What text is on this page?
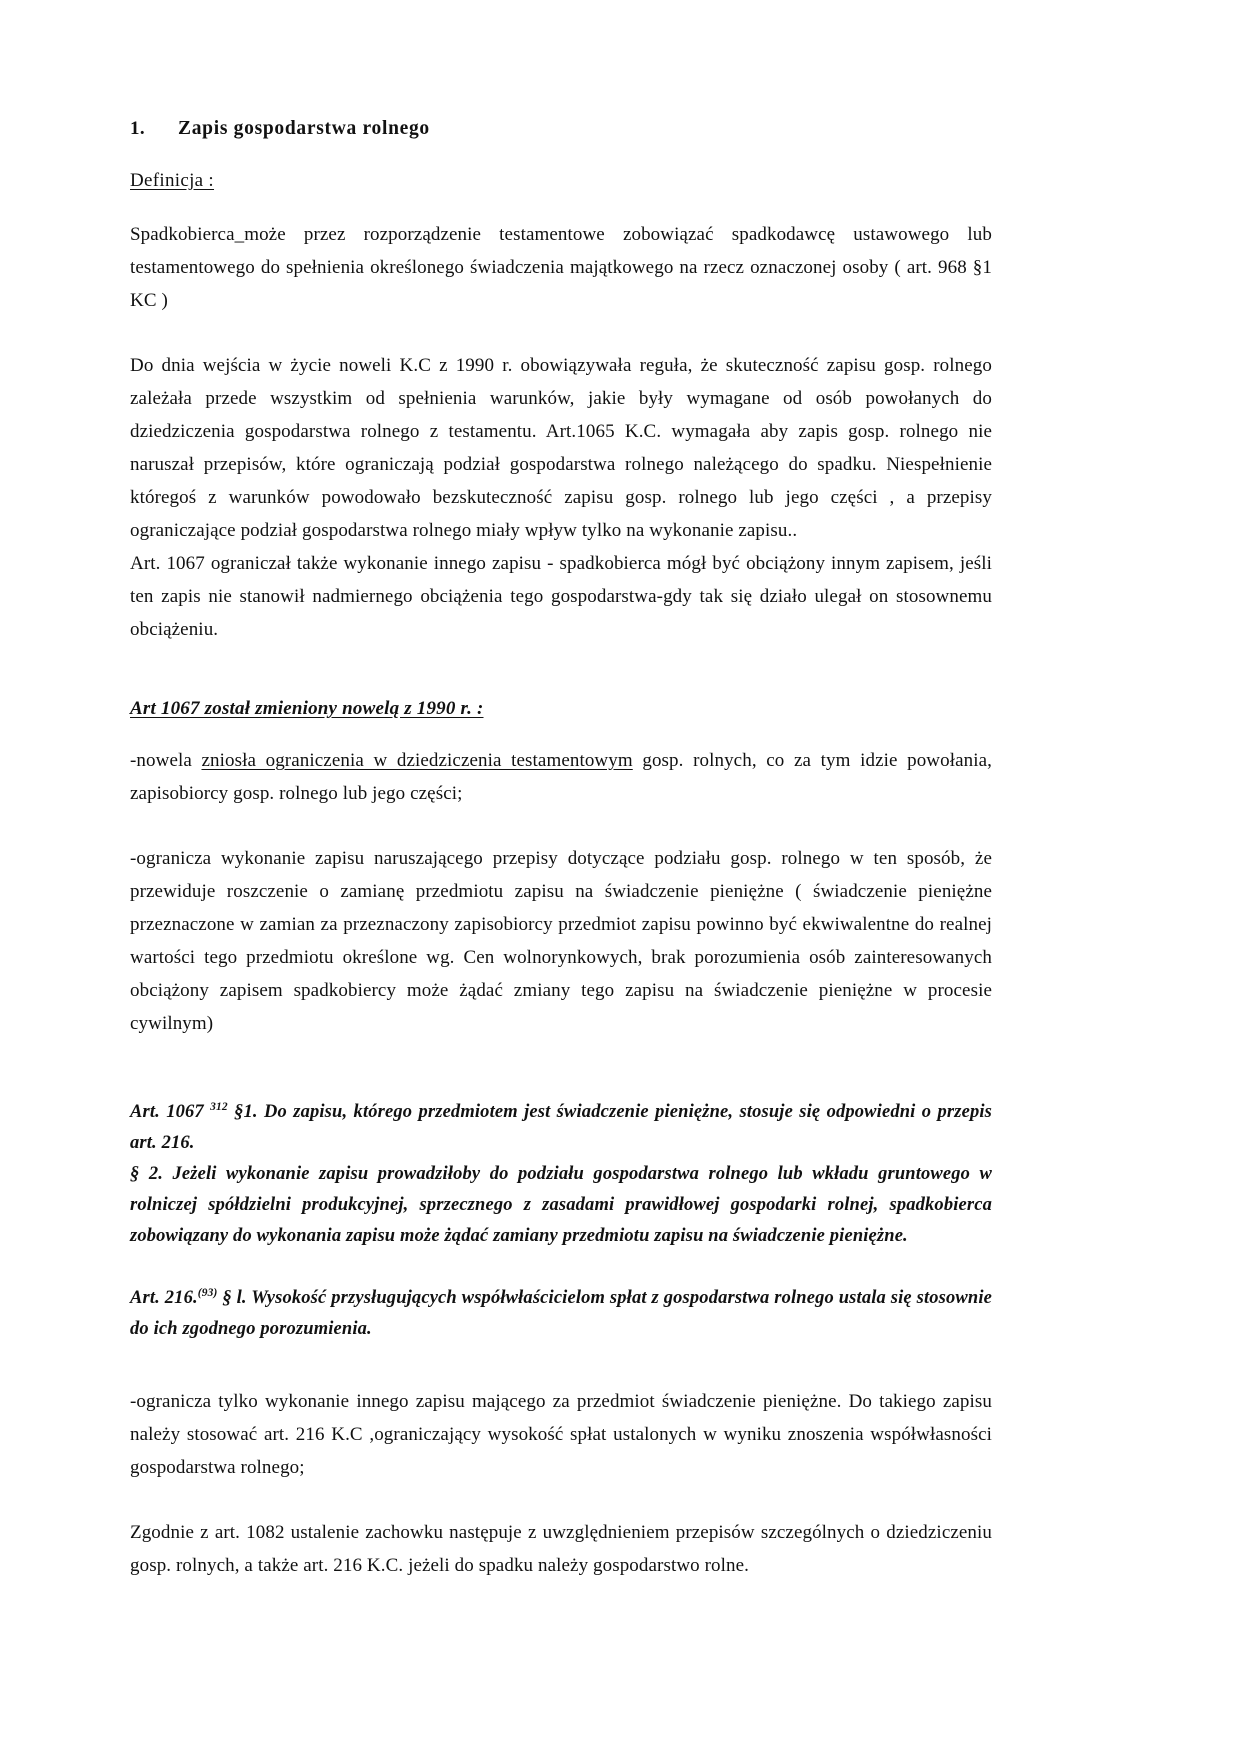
1.	Zapis gospodarstwa rolnego
Definicja :

Spadkobierca_może przez rozporządzenie testamentowe zobowiązać spadkodawcę ustawowego lub testamentowego do spełnienia określonego świadczenia majątkowego na rzecz oznaczonej osoby ( art. 968 §1 KC )

Do dnia wejścia w życie noweli K.C z 1990 r. obowiązywała reguła, że skuteczność zapisu gosp. rolnego zależała przede wszystkim od spełnienia warunków, jakie były wymagane od osób powołanych do dziedziczenia gospodarstwa rolnego z testamentu. Art.1065 K.C. wymagała aby zapis gosp. rolnego nie naruszał przepisów, które ograniczają podział gospodarstwa rolnego należącego do spadku. Niespełnienie któregoś z warunków powodowało bezskuteczność zapisu gosp. rolnego lub jego części , a przepisy ograniczające podział gospodarstwa rolnego miały wpływ tylko na wykonanie zapisu..

Art. 1067 ograniczał także wykonanie innego zapisu - spadkobierca mógł być obciążony innym zapisem, jeśli ten zapis nie stanowił nadmiernego obciążenia tego gospodarstwa-gdy tak się działo ulegał on stosownemu obciążeniu.

Art 1067 został zmieniony nowelą z 1990 r. :

-nowela zniosła ograniczenia w dziedziczenia testamentowym gosp. rolnych, co za tym idzie powołania, zapisobiorcy gosp. rolnego lub jego części;

-ogranicza wykonanie zapisu naruszającego przepisy dotyczące podziału gosp. rolnego w ten sposób, że przewiduje roszczenie o zamianę przedmiotu zapisu na świadczenie pieniężne ( świadczenie pieniężne przeznaczone w zamian za przeznaczony zapisobiorcy przedmiot zapisu powinno być ekwiwalentne do realnej wartości tego przedmiotu określone wg. Cen wolnorynkowych, brak porozumienia osób zainteresowanych obciążony zapisem spadkobiercy może żądać zmiany tego zapisu na świadczenie pieniężne w procesie cywilnym)

Art. 1067 $^{312}$ §1. Do zapisu, którego przedmiotem jest świadczenie pieniężne, stosuje się odpowiedni o przepis art. 216.

§ 2. Jeżeli wykonanie zapisu prowadziłoby do podziału gospodarstwa rolnego lub wkładu gruntowego w rolniczej spółdzielni produkcyjnej, sprzecznego z zasadami prawidłowej gospodarki rolnej, spadkobierca zobowiązany do wykonania zapisu może żądać zamiany przedmiotu zapisu na świadczenie pieniężne.

Art. 216.$^{(93)}$ § l. Wysokość przysługujących współwłaścicielom spłat z gospodarstwa rolnego ustala się stosownie do ich zgodnego porozumienia.

-ogranicza tylko wykonanie innego zapisu mającego za przedmiot świadczenie pieniężne. Do takiego zapisu należy stosować art. 216 K.C ,ograniczający wysokość spłat ustalonych w wyniku znoszenia współwłasności gospodarstwa rolnego;

Zgodnie z art. 1082 ustalenie zachowku następuje z uwzględnieniem przepisów szczególnych o dziedziczeniu gosp. rolnych, a także art. 216 K.C. jeżeli do spadku należy gospodarstwo rolne.
